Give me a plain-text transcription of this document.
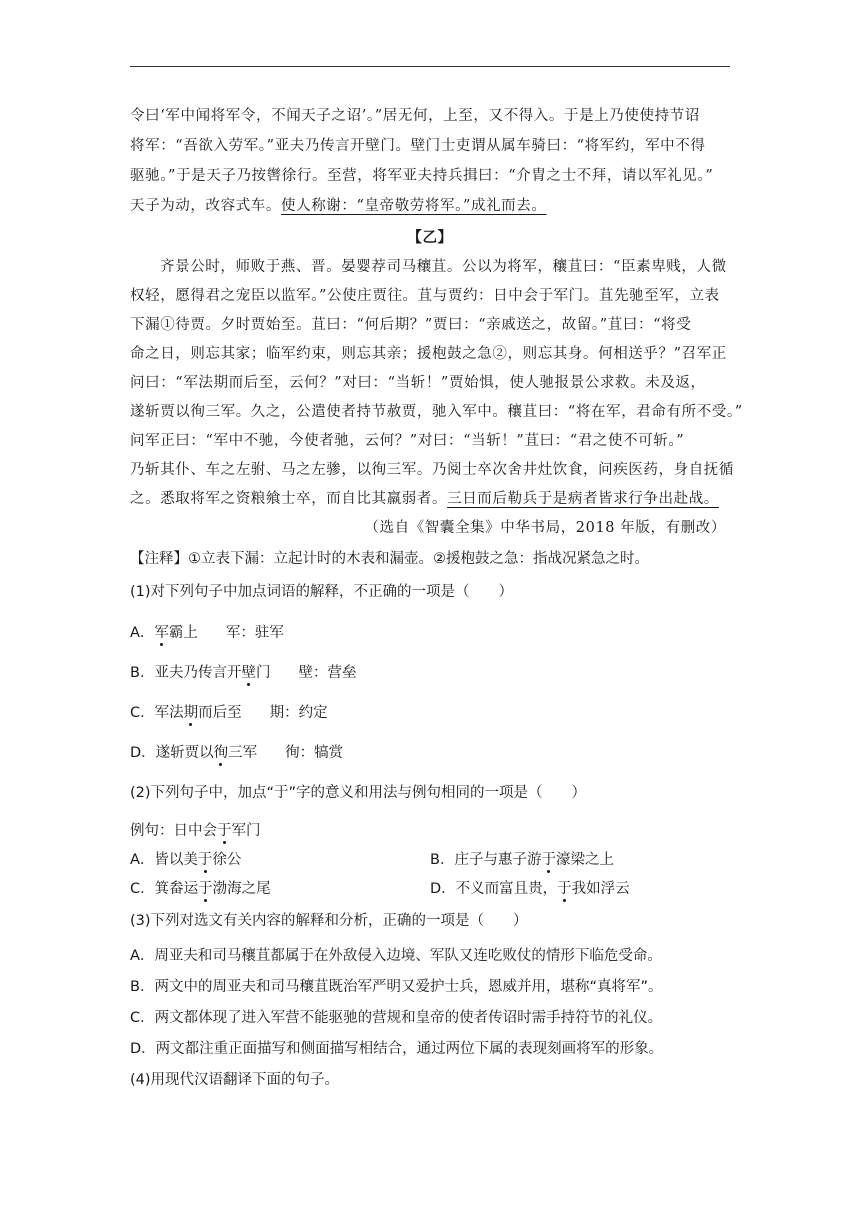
令曰‘军中闻将军令，不闻天子之诏’。”居无何，上至，又不得入。于是上乃使使持节诏
将军：“吾欲入劳军。”亚夫乃传言开壁门。壁门士吏谓从属车骑曰：“将军约，军中不得
驱驰。”于是天子乃按辔徐行。至营，将军亚夫持兵揖曰：“介胄之士不拜，请以军礼见。”
天子为动，改容式车。使人称谢：“皇帝敬劳将军。”成礼而去。
【乙】
齐景公时，师败于燕、晋。晏婴荐司马穰苴。公以为将军，穰苴曰：“臣素卑贱，人微
权轻，愿得君之宠臣以监军。”公使庄贾往。苴与贾约：日中会于军门。苴先驰至军，立表
下漏①待贾。夕时贾始至。苴曰：“何后期？”贾曰：“亲戚送之，故留。”苴曰：“将受
命之日，则忘其家；临军约束，则忘其亲；援枹鼓之急②，则忘其身。何相送乎？”召军正
问曰：“军法期而后至，云何？”对曰：“当斩！”贾始惧，使人驰报景公求救。未及返，
遂斩贾以徇三军。久之，公遣使者持节赦贾，驰入军中。穰苴曰：“将在军，君命有所不受。”
问军正曰：“军中不驰，今使者驰，云何？”对曰：“当斩！”苴曰：“君之使不可斩。”
乃斩其仆、车之左驸、马之左骖，以徇三军。乃阅士卒次舍井灶饮食，问疾医药，身自抚循
之。悉取将军之资粮飨士卒，而自比其羸弱者。三日而后勒兵于是病者皆求行争出赴战。
（选自《智囊全集》中华书局，2018 年版，有删改）
【注释】①立表下漏：立起计时的木表和漏壶。②援枹鼓之急：指战况紧急之时。
(1)对下列句子中加点词语的解释，不正确的一项是（　　）
A．军霸上 军：驻军
B．亚夫乃传言开壁门 壁：营垒
C．军法期而后至 期：约定
D．遂斩贾以徇三军 徇：犒赏
(2)下列句子中，加点“于”字的意义和用法与例句相同的一项是（　　）
例句：日中会于军门
A．皆以美于徐公	B．庄子与惠子游于濠梁之上
C．箕畚运于渤海之尾	D．不义而富且贵，于我如浮云
(3)下列对选文有关内容的解释和分析，正确的一项是（　　）
A．周亚夫和司马穰苴都属于在外敌侵入边境、军队又连吃败仗的情形下临危受命。
B．两文中的周亚夫和司马穰苴既治军严明又爱护士兵，恩威并用，堪称“真将军”。
C．两文都体现了进入军营不能驱驰的营规和皇帝的使者传诏时需手持符节的礼仪。
D．两文都注重正面描写和侧面描写相结合，通过两位下属的表现刻画将军的形象。
(4)用现代汉语翻译下面的句子。
